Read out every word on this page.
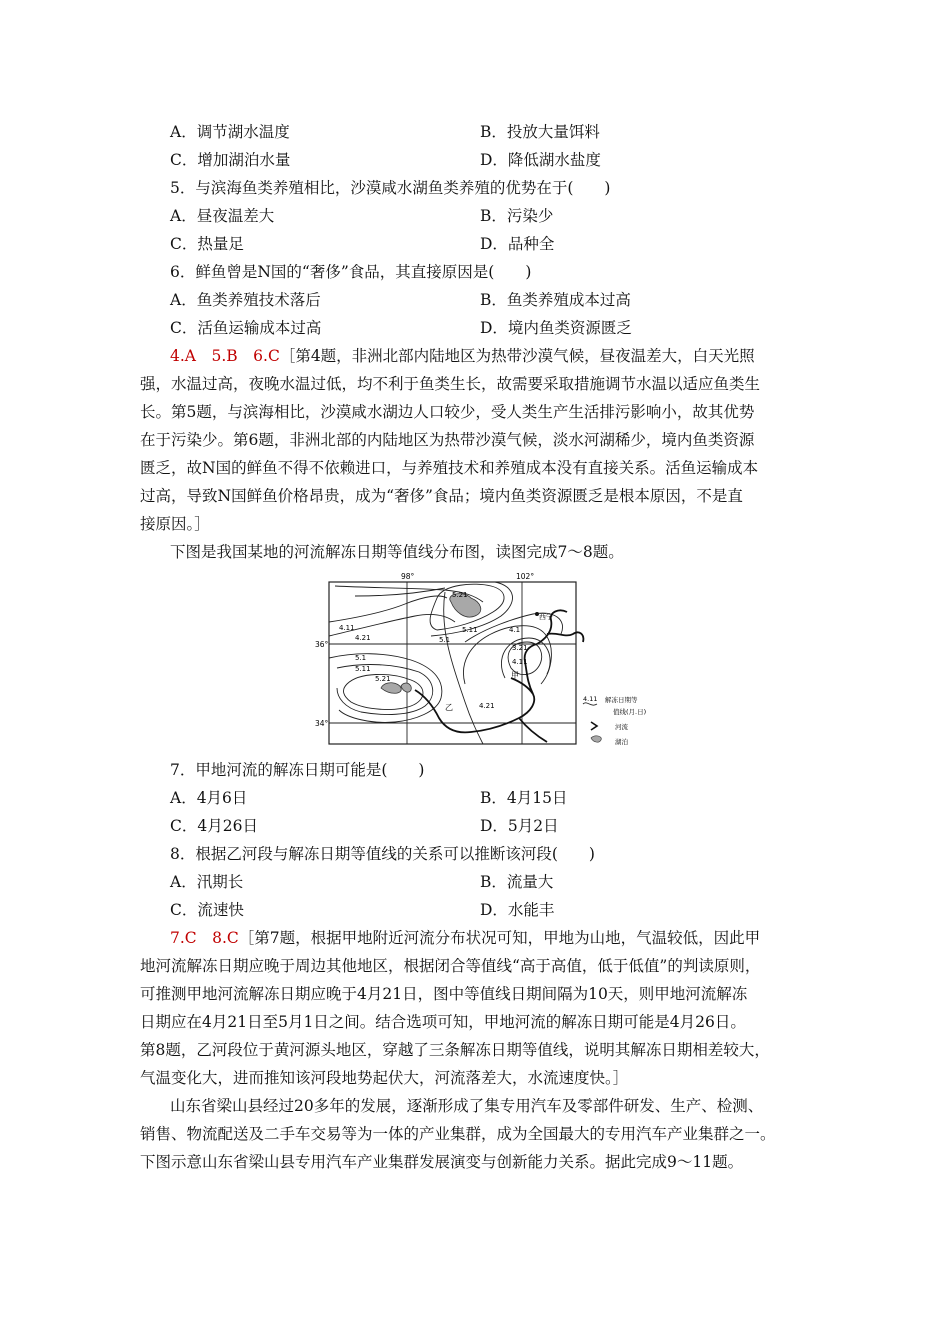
A．调节湖水温度	B．投放大量饵料
C．增加湖泊水量	D．降低湖水盐度
5．与滨海鱼类养殖相比，沙漠咸水湖鱼类养殖的优势在于(　　)
A．昼夜温差大	B．污染少
C．热量足	D．品种全
6．鲜鱼曾是N国的“奢侈”食品，其直接原因是(　　)
A．鱼类养殖技术落后	B．鱼类养殖成本过高
C．活鱼运输成本过高	D．境内鱼类资源匮乏
4.A　5.B　6.C［第4题，非洲北部内陆地区为热带沙漠气候，昼夜温差大，白天光照
强，水温过高，夜晚水温过低，均不利于鱼类生长，故需要采取措施调节水温以适应鱼类生
长。第5题，与滨海相比，沙漠咸水湖边人口较少，受人类生产生活排污影响小，故其优势
在于污染少。第6题，非洲北部的内陆地区为热带沙漠气候，淡水河湖稀少，境内鱼类资源
匮乏，故N国的鲜鱼不得不依赖进口，与养殖技术和养殖成本没有直接关系。活鱼运输成本
过高，导致N国鲜鱼价格昂贵，成为“奢侈”食品；境内鱼类资源匮乏是根本原因，不是直
接原因。］
下图是我国某地的河流解冻日期等值线分布图，读图完成7～8题。
98°	102°
36°
34°
5.21
5.11
5.1
4.11
4.21
西宁
4.1
3.21
4.11
甲
5.1
5.11
5.21
乙	4.21
4.11 解冻日期等
值线(月.日)
河流
湖泊
7．甲地河流的解冻日期可能是(　　)
A．4月6日	B．4月15日
C．4月26日	D．5月2日
8．根据乙河段与解冻日期等值线的关系可以推断该河段(　　)
A．汛期长	B．流量大
C．流速快	D．水能丰
7.C　8.C［第7题，根据甲地附近河流分布状况可知，甲地为山地，气温较低，因此甲
地河流解冻日期应晚于周边其他地区，根据闭合等值线“高于高值，低于低值”的判读原则，
可推测甲地河流解冻日期应晚于4月21日，图中等值线日期间隔为10天，则甲地河流解冻
日期应在4月21日至5月1日之间。结合选项可知，甲地河流的解冻日期可能是4月26日。
第8题，乙河段位于黄河源头地区，穿越了三条解冻日期等值线，说明其解冻日期相差较大，
气温变化大，进而推知该河段地势起伏大，河流落差大，水流速度快。］
山东省梁山县经过20多年的发展，逐渐形成了集专用汽车及零部件研发、生产、检测、
销售、物流配送及二手车交易等为一体的产业集群，成为全国最大的专用汽车产业集群之一。
下图示意山东省梁山县专用汽车产业集群发展演变与创新能力关系。据此完成9～11题。
